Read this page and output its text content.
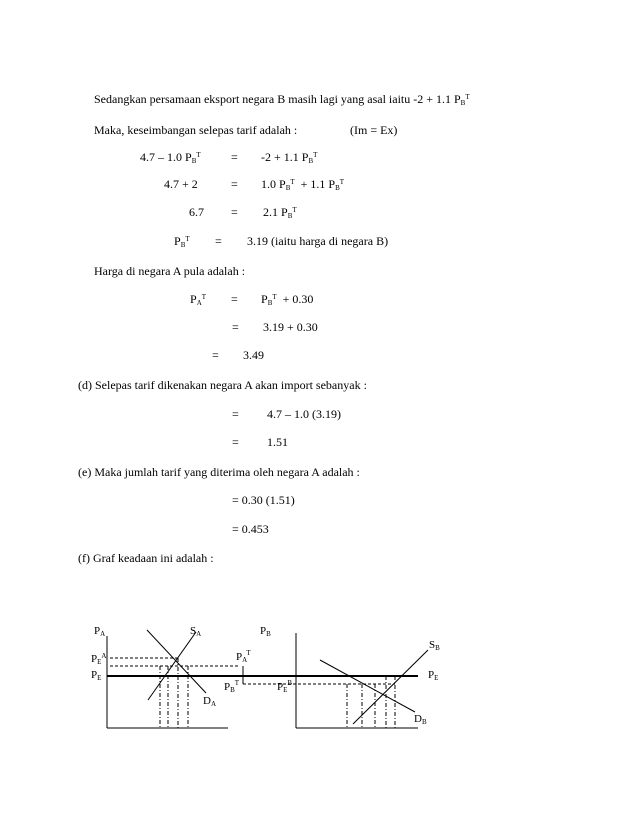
Sedangkan persamaan eksport negara B masih lagi yang asal iaitu -2 + 1.1 $P_B^T$
Maka, keseimbangan selepas tarif adalah :	(Im = Ex)
4.7 – 1.0 $P_B^T$	= -2 + 1.1 $P_B^T$
4.7 + 2	= 1.0 $P_B^T + 1.1$ $P_B^T$
6.7 = 2.1 $P_B^T$
$P_B^T = 3.19$ (iaitu harga di negara B)
Harga di negara A pula adalah :
$P_A^T = P_B^T + 0.30$
= 3.19 + 0.30
= 3.49
(d) Selepas tarif dikenakan negara A akan import sebanyak :
= 4.7 – 1.0 (3.19)
= 1.51
(e) Maka jumlah tarif yang diterima oleh negara A adalah :
= 0.30 (1.51)
= 0.453
(f) Graf keadaan ini adalah :
PA	SA
$PE^A$
PE
$PA^T$
$PB^T$
DA
PB
$PE^B$
SB
PE
DB
